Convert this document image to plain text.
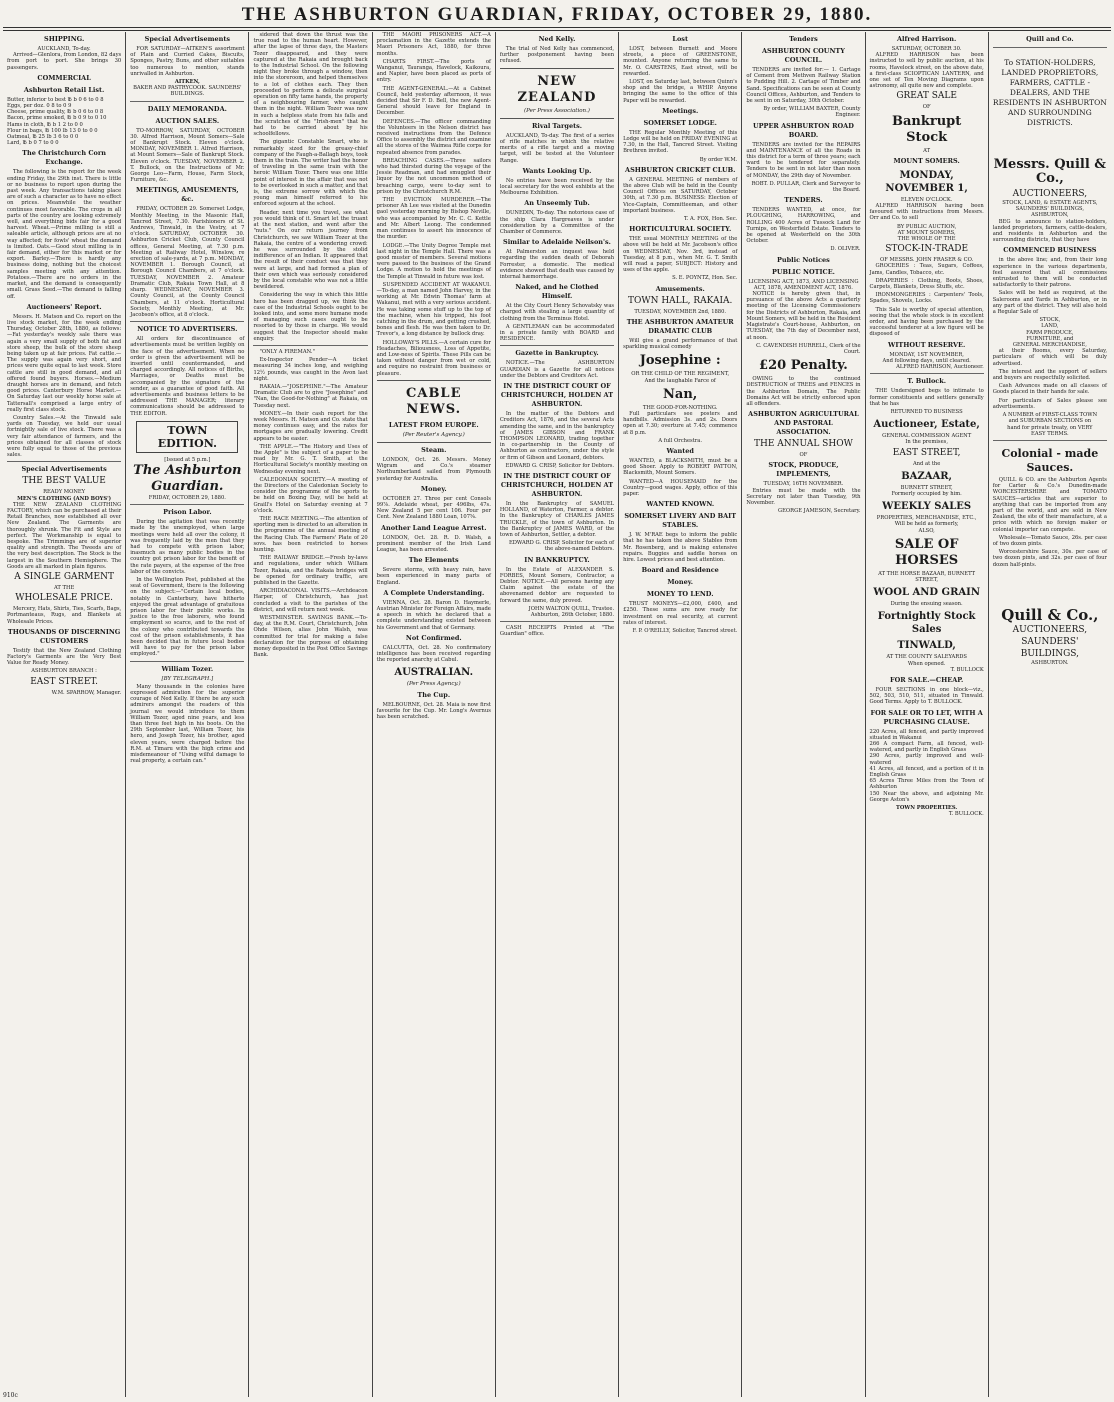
THE ASHBURTON GUARDIAN, FRIDAY, OCTOBER 29, 1880.
SHIPPING.
AUCKLAND, To-day.

Arrived—Glenlora, from London, 82 days from port to port. She brings 30 passengers.

COMMERCIAL
Ashburton Retail List.
Butter, inferior to best ℔ b 0 6 to 0 8
Eggs, per doz. 0 8 to 0 9
Cheese, prime quality, ℔ b 0 6 to 0 8
Bacon, prime smoked, ℔ b 0 9 to 0 10
Hams in cloth, ℔ b 1 2 to 0 0
Flour in bags, ℔ 100 lb 13 0 to 0 0
Oatmeal, ℔ 25 lb 3 6 to 0 0
Lard, ℔ b 0 7 to 0 0
The Christchurch Corn Exchange.

The following is the report for the week ending Friday, the 29th inst. There is little or no business to report upon during the past week. Any transactions taking place are of such a character as to have no effect on prices. Meanwhile the weather continues most favorable. The crops in all parts of the country are looking extremely well, and everything bids fair for a good harvest. Wheat.—Prime milling is still a saleable article, although prices are at no way affected; for fowls' wheat the demand is limited. Oats.—Good stout milling is in fair demand, either for this market or for export. Barley.—There is hardly any business doing, nothing but the choicest samples meeting with any attention. Potatoes.—There are no orders in the market, and the demand is consequently small. Grass Seed.—The demand is falling off.

Auctioneers' Report.

Messrs. H. Matson and Co. report on the live stock market, for the week ending Thursday, October 28th, 1880, as follows:—Fat yesterday's weekly sale there was again a very small supply of both fat and store sheep, the bulk of the store sheep being taken up at fair prices. Fat cattle.—The supply was again very short, and prices were quite equal to last week. Store cattle are still in good demand, and all offered found buyers. Horses.—Medium draught horses are in demand, and fetch good prices. Canterbury Horse Market.—On Saturday last our weekly horse sale at Tattersall's comprised a large entry of really first class stock.

Country Sales.—At the Tinwald sale yards on Tuesday, we held our usual fortnightly sale of live stock. There was a very fair attendance of farmers, and the prices obtained for all classes of stock were fully equal to those of the previous sales.

Special Advertisements
THE BEST VALUE
READY MONEY
MEN'S CLOTHING (AND BOYS')

THE NEW ZEALAND CLOTHING FACTORY, which can be purchased at their Retail Branches, now established all over New Zealand. The Garments are thoroughly shrunk. The Fit and Style are perfect. The Workmanship is equal to bespoke. The Trimmings are of superior quality and strength. The Tweeds are of the very best description. The Stock is the largest in the Southern Hemisphere. The Goods are all marked in plain figures.

A SINGLE GARMENT
AT THE
WHOLESALE PRICE.

Mercery, Hats, Shirts, Ties, Scarfs, Bags, Portmanteaus, Rugs, and Blankets at Wholesale Prices.

THOUSANDS OF DISCERNING CUSTOMERS

Testify that the New Zealand Clothing Factory's Garments are the Very Best Value for Ready Money.

ASHBURTON BRANCH :
EAST STREET.
W.M. SPARROW, Manager.
Special Advertisements

FOR SATURDAY—AITKEN'S assortment of Plain and Curried Cakes, Biscuits, Sponges, Pastry, Buns, and other suitables too numerous to mention, stands unrivalled in Ashburton.

AITKEN,
BAKER AND PASTRYCOOK. SAUNDERS' BUILDINGS.
DAILY MEMORANDA.
AUCTION SALES.

TO-MORROW, SATURDAY, OCTOBER 30. Alfred Harrison, Mount Somers—Sale of Bankrupt Stock. Eleven o'clock. MONDAY, NOVEMBER 1. Alfred Harrison, at Mount Somers—Sale of Bankrupt Stock. Eleven o'clock. TUESDAY, NOVEMBER 2. T. Bullock, on the Instructions of Mr. George Leo—Farm, House, Farm Stock, Furniture, &c.

MEETINGS, AMUSEMENTS, &c.

FRIDAY, OCTOBER 29. Somerset Lodge, Monthly Meeting, in the Masonic Hall, Tancred Street, 7.30. Parishioners of St. Andrews, Tinwald, in the Vestry, at 7 o'clock. SATURDAY, OCTOBER 30. Ashburton Cricket Club, County Council offices, General Meeting, at 7.30 p.m. Meeting at Railway Hotel, Winslow, re erection of sale-yards, at 7 p.m. MONDAY, NOVEMBER 1. Borough Council, at Borough Council Chambers, at 7 o'clock. TUESDAY, NOVEMBER 2. Amateur Dramatic Club, Rakaia Town Hall, at 8 sharp. WEDNESDAY, NOVEMBER 3. County Council, at the County Council Chambers, at 11 o'clock. Horticultural Society, Monthly Meeting, at Mr. Jacobson's office, at 8 o'clock.

NOTICE TO ADVERTISERS.

All orders for discontinuance of advertisements must be written legibly on the face of the advertisement. When no order is given the advertisement will be inserted until countermanded, and charged accordingly. All notices of Births, Marriages, or Deaths must be accompanied by the signature of the sender, as a guarantee of good faith. All advertisements and business letters to be addressed THE MANAGER; literary communications should be addressed to THE EDITOR.

TOWN EDITION.
[Issued at 5 p.m.]
The Ashburton Guardian.
FRIDAY, OCTOBER 29, 1880.
Prison Labor.

During the agitation that was recently made by the unemployed, when large meetings were held all over the colony, it was frequently laid by the men that they had to compete with prison labor, inasmuch as many public bodies in the country got prison labor for the benefit of the rate payers, at the expense of the free labor of the convicts.

In the Wellington Post, published at the seat of Government, there is the following on the subject:—"Certain local bodies, notably in Canterbury, have hitherto enjoyed the great advantage of gratuitous prison labor for their public works. In justice to the free laborers, who found employment so scarce, and to the rest of the colony who contributed towards the cost of the prison establishments, it has been decided that in future local bodies will have to pay for the prison labor employed."

William Tozer.
[BY TELEGRAPH.]

Many thousands in the colonies have expressed admiration for the superior courage of Ned Kelly. If there be any such admirers amongst the readers of this journal we would introduce to them William Tozer, aged nine years, and less than three feet high in his boots. On the 29th September last, William Tozer, his hero, and Joseph Tozer, his brother, aged eleven years, were charged before the R.M. at Timaru with the high crime and misdemeanour of "Using wilful damage to real property, a certain can."

sidered that down the thrust was the true road to the human heart. However, after the lapse of three days, the Masters Tozer disappeared, and they were captured at the Rakaia and brought back to the Industrial School. On the following night they broke through a window, then into the storeroom, and helped themselves to a lot of clothes each. They then proceeded to perform a delicate surgical operation on fifty tame hands, the property of a neighbouring farmer, who caught them in the night. William Tozer was now in such a helpless state from his falls and the scratches of the "Irish-men" that he had to be carried about by his schoolfellows.

The gigantic Constable Smart, who is remarkably sized for the greasy-chief company of the Faugh-a-Ballagh boys, took them in the train. The writer had the honor of traveling in the same train with the heroic William Tozer. There was one little point of interest in the affair that was not to be overlooked in such a matter, and that is, the extreme sorrow with which the young man himself referred to his enforced sojourn at the school.

Reader, next time you travel, see what you would think of it. Smart let the truant at the next station, and went after the "nuts." On our return journey from Christchurch, we saw William Tozer at the Rakaia, the centre of a wondering crowd: he was surrounded by the stolid indifference of an Indian. It appeared that the result of their conduct was that they were at large, and had formed a plan of their own which was seriously considered by the local constable who was not a little bewildered.

Considering the way in which this little hero has been dragged up, we think the case of the Industrial Schools ought to be looked into, and some more humane mode of managing such cases ought to be resorted to by those in charge. We would suggest that the Inspector should make enquiry.

"ONLY A FIREMAN."

Ex-Inspector Pender—A ticket measuring 34 inches long, and weighing 12½ pounds, was caught in the Avon last night.

RAKAIA.—"JOSEPHINE."—The Amateur Dramatic Club are to give "Josephine" and "Nan, the Good-for-Nothing" at Rakaia, on Tuesday next.

MONEY.—In their cash report for the week Messrs. H. Matson and Co. state that money continues easy, and the rates for mortgages are gradually lowering. Credit appears to be easier.

THE APPLE.—"The History and Uses of the Apple" is the subject of a paper to be read by Mr. G. T. Smith, at the Horticultural Society's monthly meeting on Wednesday evening next.

CALEDONIAN SOCIETY.—A meeting of the Directors of the Caledonian Society to consider the programme of the sports to be held on Boxing Day, will be held at Graill's Hotel on Saturday evening at 7 o'clock.

THE RACE MEETING.—The attention of sporting men is directed to an alteration in the programme of the annual meeting of the Racing Club. The Farmers' Plate of 20 sovs. has been restricted to horses hunting.

THE RAILWAY BRIDGE.—Fresh by-laws and regulations, under which William Tozer, Rakaia, and the Rakaia bridges will be opened for ordinary traffic, are published in the Gazette.

ARCHIDIACONAL VISITS.—Archdeacon Harper, of Christchurch, has just concluded a visit to the parishes of the district, and will return next week.

WESTMINSTER. SAVINGS BANK.—To-day, at the R.M. Court, Christchurch, John Ohde Wilson, alias John Walsh, was committed for trial for making a false declaration for the purpose of obtaining money deposited in the Post Office Savings Bank.

THE MAORI PRISONERS ACT.—A proclamation in the Gazette extends the Maori Prisoners Act, 1880, for three months.

CHARTS FIRST.—The ports of Wanganui, Tauranga, Havelock, Kaikoura, and Napier, have been placed as ports of entry.

THE AGENT-GENERAL.—At a Cabinet Council, held yesterday afternoon, it was decided that Sir F. D. Bell, the new Agent-General should leave for England in December.

DEFENCES.—The officer commanding the Volunteers in the Nelson district has received instructions from the Defence Office to assembly the district and examine all the stores of the Waimea Rifle corps for repeated absence from parades.

BREACHING CASES.—Three sailors who had thirsted during the voyage of the Jessie Readman, and had smuggled their liquor by the not uncommon method of breaching cargo, were to-day sent to prison by the Christchurch R.M.

THE EVICTION MURDERER.—The prisoner Ah Lee was visited at the Dunedin gaol yesterday morning by Bishop Neville, who was accompanied by Mr. C. C. Kettle and Mr. Albert Leong. The condemned man continues to assert his innocence of the murder.

LODGE.—The Unity Degree Temple met last night in the Temple Hall. There was a good muster of members. Several motions were passed to the business of the Grand Lodge. A motion to hold the meetings of the Temple at Tinwald in future was lost.

SUSPENDED ACCIDENT AT WAKANUI.—To-day, a man named John Harvey, in the working at Mr. Edwin Thomas' farm at Wakanui, met with a very serious accident. He was taking some stuff up to the top of the machine, when his tripped, his foot catching in the drum, and getting crushed, bones and flesh. He was then taken to Dr. Trevor's, a long distance by bullock dray.

HOLLOWAY'S PILLS.—A certain cure for Headaches, Biliousness, Loss of Appetite, and Low-ness of Spirits. These Pills can be taken without danger from wet or cold, and require no restraint from business or pleasure.

CABLE NEWS.
LATEST FROM EUROPE.
(Per Reuter's Agency.)
Steam.

LONDON, Oct. 26. Messrs. Money Wigram and Co.'s steamer Northumberland sailed from Plymouth yesterday for Australia.

Money.

OCTOBER 27. Three per cent Consols 99⅞. Adelaide wheat, per 496lbs, 47s. New Zealand 5 per cent 106. Four per Cent. New Zealand 1880 Loan, 107⅝.

Another Land League Arrest.

LONDON, Oct. 28. R. D. Walsh, a prominent member of the Irish Land League, has been arrested.

The Elements

Severe storms, with heavy rain, have been experienced in many parts of England.

A Complete Understanding.

VIENNA, Oct. 28. Baron D. Haymerle, Austrian Minister for Foreign Affairs, made a speech in which he declared that a complete understanding existed between his Government and that of Germany.

Not Confirmed.

CALCUTTA, Oct. 28. No confirmatory intelligence has been received regarding the reported anarchy at Cabul.

AUSTRALIAN.
(Per Press Agency.)
The Cup.

MELBOURNE, Oct. 28. Maia is now first favourite for the Cup. Mr. Long's Avernus has been scratched.

Ned Kelly.

The trial of Ned Kelly has commenced, further postponement having been refused.

NEW ZEALAND
(Per Press Association.)
Rival Targets.

AUCKLAND, To-day. The first of a series of rifle matches in which the relative merits of a rifle target and a moving target, will be tested at the Volunteer Range.

Wants Looking Up.

No entries have been received by the local secretary for the wool exhibits at the Melbourne Exhibition.

An Unseemly Tub.

DUNEDIN, To-day. The notorious case of the ship Clara Hargreaves is under consideration by a Committee of the Chamber of Commerce.

Similar to Adelaide Neilson's.

At Palmerston an inquest was held regarding the sudden death of Deborah Forrester, a domestic. The medical evidence showed that death was caused by internal hæmorrhage.

Naked, and he Clothed Himself.

At the City Court Henry Schovatsky was charged with stealing a large quantity of clothing from the Terminus Hotel.

A GENTLEMAN can be accommodated in a private family with BOARD and RESIDENCE.

Gazette in Bankruptcy.

NOTICE.—The ASHBURTON GUARDIAN is a Gazette for all notices under the Debtors and Creditors Act.

IN THE DISTRICT COURT OF CHRISTCHURCH, HOLDEN AT ASHBURTON.

In the matter of the Debtors and Creditors Act, 1876, and the several Acts amending the same, and in the bankruptcy of JAMES GIBSON and FRANK THOMPSON LEONARD, trading together in co-partnership in the County of Ashburton as contractors, under the style or firm of Gibson and Leonard, debtors.

EDWARD G. CRISP, Solicitor for Debtors.
IN THE DISTRICT COURT OF CHRISTCHURCH, HOLDEN AT ASHBURTON.

In the Bankruptcy of SAMUEL HOLLAND, of Waterton, Farmer, a debtor. In the Bankruptcy of CHARLES JAMES TRUCKLE, of the town of Ashburton. In the Bankruptcy of JAMES WARD, of the town of Ashburton, Settler, a debtor.

EDWARD G. CRISP, Solicitor for each of the above-named Debtors.
IN BANKRUPTCY.

In the Estate of ALEXANDER S. FORBES, Mount Somers, Contractor, a Debtor. NOTICE.—All persons having any Claim against the estate of the abovenamed debtor are requested to forward the same, duly proved.

JOHN WALTON QUILL, Trustee. Ashburton, 26th October, 1880.

CASH RECEIPTS Printed at "The Guardian" office.

Lost

LOST, between Burnett and Moore streets, a piece of GREENSTONE, mounted. Anyone returning the same to Mr. O. CARSTENS, East street, will be rewarded.

LOST, on Saturday last, between Quinn's shop and the bridge, a WHIP. Anyone bringing the same to the office of this Paper will be rewarded.

Meetings.
SOMERSET LODGE.

THE Regular Monthly Meeting of this Lodge will be held on FRIDAY EVENING at 7.30, in the Hall, Tancred Street. Visiting Brethren invited.

By order W.M.
ASHBURTON CRICKET CLUB.

A GENERAL MEETING of members of the above Club will be held in the County Council Offices on SATURDAY, October 30th, at 7.30 p.m. BUSINESS: Election of Vice-Captain, Committeeman, and other important business.

T. A. FOX, Hon. Sec.
HORTICULTURAL SOCIETY.

THE usual MONTHLY MEETING of the above will be held at Mr. Jacobson's office on WEDNESDAY, Nov. 3rd, instead of Tuesday, at 8 p.m., when Mr. G. T. Smith will read a paper, SUBJECT: History and uses of the apple.

S. E. POYNTZ, Hon. Sec.
Amusements.
TOWN HALL, RAKAIA.
TUESDAY, NOVEMBER 2nd, 1880.
THE ASHBURTON AMATEUR DRAMATIC CLUB

Will give a grand performance of that sparkling musical comedy

Josephine :
OR THE CHILD OF THE REGIMENT,
And the laughable Farce of
Nan,
THE GOOD-FOR-NOTHING.

Full particulars see posters and handbills. Admission 3s. and 2s. Doors open at 7.30; overture at 7.45; commence at 8 p.m.

A full Orchestra.
Wanted

WANTED, a BLACKSMITH, must be a good Shoer. Apply to ROBERT PATTON, Blacksmith, Mount Somers.

WANTED—A HOUSEMAID for the Country—good wages. Apply, office of this paper.

WANTED KNOWN.
SOMERSET LIVERY AND BAIT STABLES.

J. W. M'RAE begs to inform the public that he has taken the above Stables from Mr. Rosenberg, and is making extensive repairs. Buggies and saddle horses on hire. Lowest prices and best attention.

Board and Residence
Money.
MONEY TO LEND.

TRUST MONEYS—£2,000, £400, and £250. These sums are now ready for investment on real security, at current rates of interest.

F. P. O'REILLY, Solicitor, Tancred street.
Tenders
ASHBURTON COUNTY COUNCIL.

TENDERS are invited for:— 1. Cartage of Cement from Methven Railway Station to Pudding Hill. 2. Cartage of Timber and Sand. Specifications can be seen at County Council Offices, Ashburton, and Tenders to be sent in on Saturday, 30th October.

By order, WILLIAM BAXTER, County Engineer.
UPPER ASHBURTON ROAD BOARD.

TENDERS are invited for the REPAIRS and MAINTENANCE of all the Roads in this district for a term of three years; each ward to be tendered for separately. Tenders to be sent in not later than noon of MONDAY, the 29th day of November.

ROBT. D. PULLAR, Clerk and Surveyor to the Board.
TENDERS.

TENDERS WANTED, at once, for PLOUGHING, HARROWING, and ROLLING 400 Acres of Tussock Land for Turnips, on Westerfield Estate. Tenders to be opened at Westerfield on the 30th October.

D. OLIVER.
Public Notices
PUBLIC NOTICE.
LICENSING ACT, 1873, AND LICENSING ACT, 1878, AMENDMENT ACT, 1876.

NOTICE is hereby given that, in pursuance of the above Acts a quarterly meeting of the Licensing Commissioners for the Districts of Ashburton, Rakaia, and Mount Somers, will be held in the Resident Magistrate's Court-house, Ashburton, on TUESDAY, the 7th day of December next, at noon.

C. CAVENDISH HURRELL, Clerk of the Court.
£20 Penalty.

OWING to the continued DESTRUCTION of TREES and FENCES in the Ashburton Domain, The Public Domains Act will be strictly enforced upon all offenders.

ASHBURTON AGRICULTURAL AND PASTORAL ASSOCIATION.
THE ANNUAL SHOW
OF
STOCK, PRODUCE, IMPLEMENTS,
TUESDAY, 16TH NOVEMBER.

Entries must be made with the Secretary not later than Tuesday, 9th November.

GEORGE JAMESON, Secretary.
Alfred Harrison.
SATURDAY, OCTOBER 30.

ALFRED HARRISON has been instructed to sell by public auction, at his rooms, Havelock street, on the above date, a first-class SCIOPTICAN LANTERN, and one set of Ten Moving Diagrams upon astronomy, all quite new and complete.

GREAT SALE
OF
Bankrupt Stock
AT
MOUNT SOMERS.
MONDAY, NOVEMBER 1,
ELEVEN O'CLOCK.

ALFRED HARRISON having been favoured with instructions from Messrs. Orr and Co. to sell

BY PUBLIC AUCTION,
AT MOUNT SOMERS,
THE WHOLE OF THE
STOCK-IN-TRADE
OF MESSRS. JOHN FRASER & CO.

GROCERIES : Teas, Sugars, Coffees, Jams, Candles, Tobacco, etc.

DRAPERIES : Clothing, Boots, Shoes, Carpets, Blankets, Dress Stuffs, etc.

IRONMONGERIES : Carpenters' Tools, Spades, Shovels, Locks.

This Sale is worthy of special attention, seeing that the whole stock is in excellent order, and having been purchased by the successful tenderer at a low figure will be disposed of

WITHOUT RESERVE.
MONDAY, 1ST NOVEMBER,
And following days, until cleared.
ALFRED HARRISON, Auctioneer.
T. Bullock.

THE Undersigned begs to intimate to former constituents and settlers generally that he has

RETURNED TO BUSINESS
Auctioneer, Estate,
GENERAL COMMISSION AGENT
In the premises,
EAST STREET,
And at the
BAZAAR,
BURNETT STREET,
Formerly occupied by him.
WEEKLY SALES
PROPERTIES, MERCHANDISE, ETC.,
Will be held as formerly,
ALSO,
SALE OF HORSES
AT THE HORSE BAZAAR, BURNETT STREET,
WOOL AND GRAIN
During the ensuing season.
Fortnightly Stock Sales
TINWALD,
AT THE COUNTY SALEYARDS
When opened.
T. BULLOCK
FOR SALE.—CHEAP.

FOUR SECTIONS in one block—viz., 502, 503, 510, 511, situated in Tinwald. Good Terms. Apply to T. BULLOCK.

FOR SALE OR TO LET, WITH A PURCHASING CLAUSE.
220 Acres, all fenced, and partly improved situated in Wakanui
266 A compact Farm, all fenced, well-watered, and partly in English Grass
290 Acres, partly improved and well-watered
41 Acres, all fenced, and a portion of it in English Grass
65 Acres Three Miles from the Town of Ashburton
150 Near the above, and adjoining Mr. George Aston's
TOWN PROPERTIES.
T. BULLOCK.
Quill and Co.
To STATION-HOLDERS, LANDED PROPRIETORS, FARMERS, CATTLE - DEALERS, AND THE RESIDENTS IN ASHBURTON AND SURROUNDING DISTRICTS.
Messrs. Quill & Co.,
AUCTIONEERS,
STOCK, LAND, & ESTATE AGENTS,
SAUNDERS' BUILDINGS,
ASHBURTON,

BEG to announce to station-holders, landed proprietors, farmers, cattle-dealers, and residents in Ashburton and the surrounding districts, that they have

COMMENCED BUSINESS

in the above line; and, from their long experience in the various departments, feel assured that all commissions entrusted to them will be conducted satisfactorily to their patrons.

Sales will be held as required, at the Salerooms and Yards in Ashburton, or in any part of the district. They will also hold a Regular Sale of

STOCK,
LAND,
FARM PRODUCE,
FURNITURE, and
GENERAL MERCHANDISE,

at their Rooms, every Saturday, particulars of which will be duly advertised.

The interest and the support of sellers and buyers are respectfully solicited.

Cash Advances made on all classes of Goods placed in their hands for sale.

For particulars of Sales please see advertisements.

A NUMBER of FIRST-CLASS TOWN
and SUBURBAN SECTIONS on
hand for private treaty, on VERY
EASY TERMS.
Colonial - made Sauces.

QUILL & CO. are the Ashburton Agents for Carter & Co.'s Dunedin-made WORCESTERSHIRE and TOMATO SAUCES—articles that are superior to anything that can be imported from any part of the world, and are sold in New Zealand, the site of their manufacture, at a price with which no foreign maker or colonial importer can compete.

Wholesale—Tomato Sauce, 26s. per case of two dozen pints.

Worcestershire Sauce, 30s. per case of two dozen pints, and 32s. per case of four dozen half-pints.

Quill & Co.,
AUCTIONEERS,
SAUNDERS' BUILDINGS,
ASHBURTON.
910c
